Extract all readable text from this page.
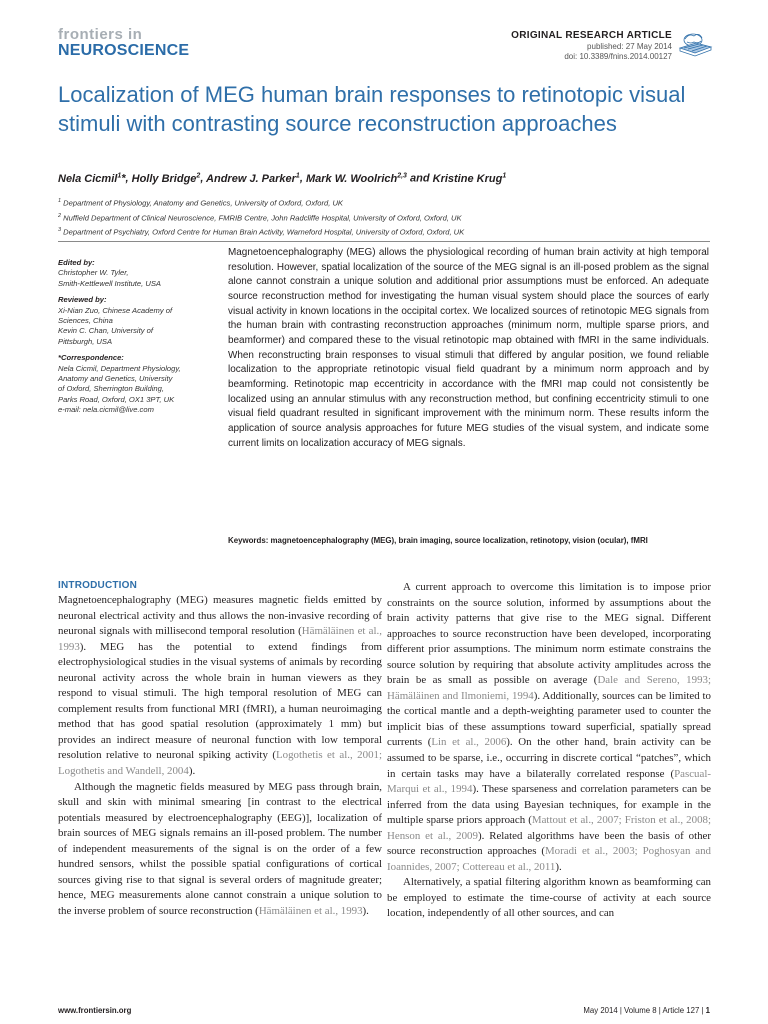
frontiers in
NEUROSCIENCE
ORIGINAL RESEARCH ARTICLE
published: 27 May 2014
doi: 10.3389/fnins.2014.00127
Localization of MEG human brain responses to retinotopic visual stimuli with contrasting source reconstruction approaches
Nela Cicmil$^1$*, Holly Bridge$^2$, Andrew J. Parker$^1$, Mark W. Woolrich$^{2,3}$ and Kristine Krug$^1$
$^1$ Department of Physiology, Anatomy and Genetics, University of Oxford, Oxford, UK
$^2$ Nuffield Department of Clinical Neuroscience, FMRIB Centre, John Radcliffe Hospital, University of Oxford, Oxford, UK
$^3$ Department of Psychiatry, Oxford Centre for Human Brain Activity, Warneford Hospital, University of Oxford, Oxford, UK
Edited by:
Christopher W. Tyler,
Smith-Kettlewell Institute, USA
Reviewed by:
Xi-Nian Zuo, Chinese Academy of
Sciences, China
Kevin C. Chan, University of
Pittsburgh, USA
*Correspondence:
Nela Cicmil, Department Physiology,
Anatomy and Genetics, University
of Oxford, Sherrington Building,
Parks Road, Oxford, OX1 3PT, UK
e-mail: nela.cicmil@live.com
Magnetoencephalography (MEG) allows the physiological recording of human brain activity at high temporal resolution. However, spatial localization of the source of the MEG signal is an ill-posed problem as the signal alone cannot constrain a unique solution and additional prior assumptions must be enforced. An adequate source reconstruction method for investigating the human visual system should place the sources of early visual activity in known locations in the occipital cortex. We localized sources of retinotopic MEG signals from the human brain with contrasting reconstruction approaches (minimum norm, multiple sparse priors, and beamformer) and compared these to the visual retinotopic map obtained with fMRI in the same individuals. When reconstructing brain responses to visual stimuli that differed by angular position, we found reliable localization to the appropriate retinotopic visual field quadrant by a minimum norm approach and by beamforming. Retinotopic map eccentricity in accordance with the fMRI map could not consistently be localized using an annular stimulus with any reconstruction method, but confining eccentricity stimuli to one visual field quadrant resulted in significant improvement with the minimum norm. These results inform the application of source analysis approaches for future MEG studies of the visual system, and indicate some current limits on localization accuracy of MEG signals.
Keywords: magnetoencephalography (MEG), brain imaging, source localization, retinotopy, vision (ocular), fMRI
INTRODUCTION

Magnetoencephalography (MEG) measures magnetic fields emitted by neuronal electrical activity and thus allows the non-invasive recording of neuronal signals with millisecond temporal resolution (Hämäläinen et al., 1993). MEG has the potential to extend findings from electrophysiological studies in the visual systems of animals by recording neuronal activity across the whole brain in human viewers as they respond to visual stimuli. The high temporal resolution of MEG can complement results from functional MRI (fMRI), a human neuroimaging method that has good spatial resolution (approximately 1 mm) but provides an indirect measure of neuronal function with low temporal resolution relative to neuronal spiking activity (Logothetis et al., 2001; Logothetis and Wandell, 2004).

Although the magnetic fields measured by MEG pass through brain, skull and skin with minimal smearing [in contrast to the electrical potentials measured by electroencephalography (EEG)], localization of brain sources of MEG signals remains an ill-posed problem. The number of independent measurements of the signal is on the order of a few hundred sensors, whilst the possible spatial configurations of cortical sources giving rise to that signal is several orders of magnitude greater; hence, MEG measurements alone cannot constrain a unique solution to the inverse problem of source reconstruction (Hämäläinen et al., 1993).

A current approach to overcome this limitation is to impose prior constraints on the source solution, informed by assumptions about the brain activity patterns that give rise to the MEG signal. Different approaches to source reconstruction have been developed, incorporating different prior assumptions. The minimum norm estimate constrains the source solution by requiring that absolute activity amplitudes across the brain be as small as possible on average (Dale and Sereno, 1993; Hämäläinen and Ilmoniemi, 1994). Additionally, sources can be limited to the cortical mantle and a depth-weighting parameter used to counter the implicit bias of these assumptions toward superficial, spatially spread currents (Lin et al., 2006). On the other hand, brain activity can be assumed to be sparse, i.e., occurring in discrete cortical “patches”, which in certain tasks may have a bilaterally correlated response (Pascual-Marqui et al., 1994). These sparseness and correlation parameters can be inferred from the data using Bayesian techniques, for example in the multiple sparse priors approach (Mattout et al., 2007; Friston et al., 2008; Henson et al., 2009). Related algorithms have been the basis of other source reconstruction approaches (Moradi et al., 2003; Poghosyan and Ioannides, 2007; Cottereau et al., 2011).

Alternatively, a spatial filtering algorithm known as beamforming can be employed to estimate the time-course of activity at each source location, independently of all other sources, and can

www.frontiersin.org	May 2014 | Volume 8 | Article 127 | 1
